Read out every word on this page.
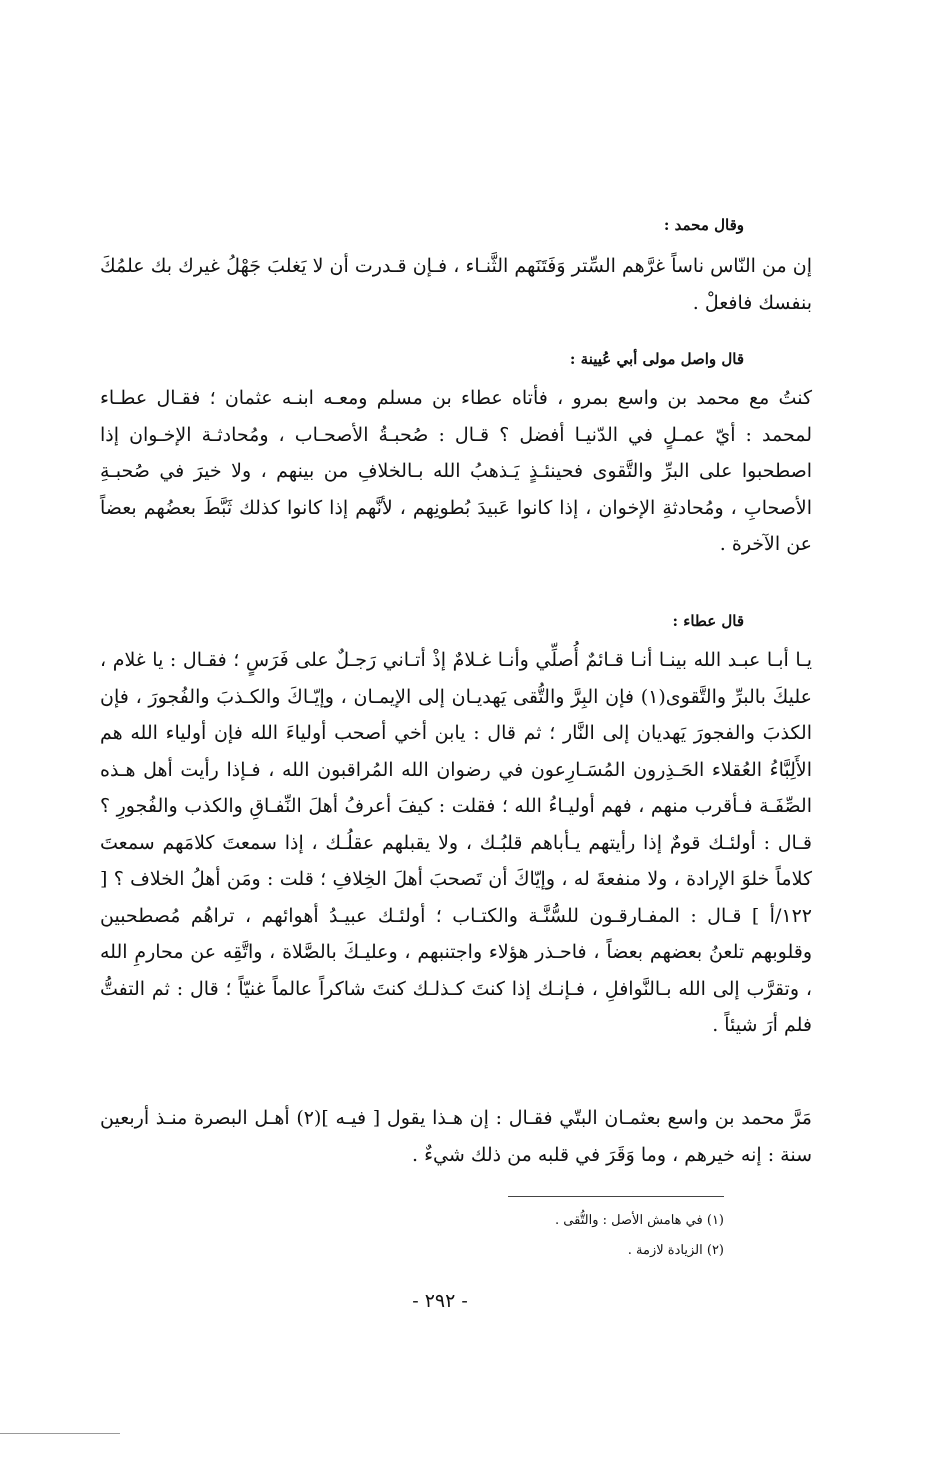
وقال محمد :
إن من النّاس ناساً غرَّهم السِّتر وَفَتَنَهم الثَّنـاء ، فـإن قـدرت أن لا يَغلبَ جَهْلُ غيرك بك علمُكَ بنفسك فافعلْ .
قال واصل مولى أبي عُيينة :
كنتُ مع محمد بن واسع بمرو ، فأتاه عطاء بن مسلم ومعـه ابنـه عثمان ؛ فقـال عطـاء لمحمد : أيّ عمـلٍ في الدّنيـا أفضل ؟ قـال : صُحبـةُ الأصحـاب ، ومُحادثـة الإخـوان إذا اصطحبوا على البرِّ والتَّقوى فحينئـذٍ يَـذهبُ الله بـالخلافِ من بينهم ، ولا خيرَ في صُحبـةِ الأصحابِ ، ومُحادثةِ الإخوان ، إذا كانوا عَبيدَ بُطونِهم ، لأنَّهم إذا كانوا كذلك ثَبَّطَ بعضُهم بعضاً عن الآخرة .
قال عطاء :
يـا أبـا عبـد الله بينـا أنـا قـائمٌ أُصلِّي وأنـا غـلامٌ إذْ أتـاني رَجـلٌ على فَرَسٍ ؛ فقـال : يا غلام ، عليكَ بالبرِّ والتَّقوى(١) فإن البِرَّ والتُّقى يَهديـان إلى الإيمـان ، وإيّـاكَ والكـذبَ والفُجورَ ، فإن الكذبَ والفجورَ يَهديان إلى النَّار ؛ ثم قال : يابن أخي أصحب أولياءَ الله فإن أولياء الله هم الأَلِبَّاءُ العُقلاء الحَـذِرون المُسَـارِعون في رضوان الله المُراقبون الله ، فـإذا رأيت أهل هـذه الصِّفَـة فـأقرب منهم ، فهم أوليـاءُ الله ؛ فقلت : كيفَ أعرفُ أهلَ النِّفـاقِ والكذب والفُجورِ ؟ قـال : أولئـك قومٌ إذا رأيتهم يـأباهم قلبُـك ، ولا يقبلهم عقلُـك ، إذا سمعتَ كلامَهم سمعتَ كلاماً خلوَ الإرادة ، ولا منفعةَ له ، وإيّاكَ أن تَصحبَ أهلَ الخِلافِ ؛ قلت : ومَن أهلُ الخلاف ؟ [ ١٢٢/أ ] قـال : المفـارقـون للسُّنَّـة والكتـاب ؛ أولئـك عبيـدُ أهوائهم ، تراهُم مُصطحبين وقلوبهم تلعنُ بعضهم بعضاً ، فاحـذر هؤلاء واجتنبهم ، وعليـكَ بالصَّلاة ، واتَّقِه عن محارمِ الله ، وتقرَّب إلى الله بـالنَّوافلِ ، فـإنـك إذا كنتَ كـذلـك كنتَ شاكراً عالماً غنيّاً ؛ قال : ثم التفتُّ فلم أرَ شيئاً .
مَرَّ محمد بن واسع بعثمـان البتّي فقـال : إن هـذا يقول [ فيـه ](٢) أهـل البصرة منـذ أربعين سنة : إنه خيرهم ، وما وَقَرَ في قلبه من ذلك شيءٌ .
(١) في هامش الأصل : والتُّقى .
(٢) الزيادة لازمة .
- ٢٩٢ -
